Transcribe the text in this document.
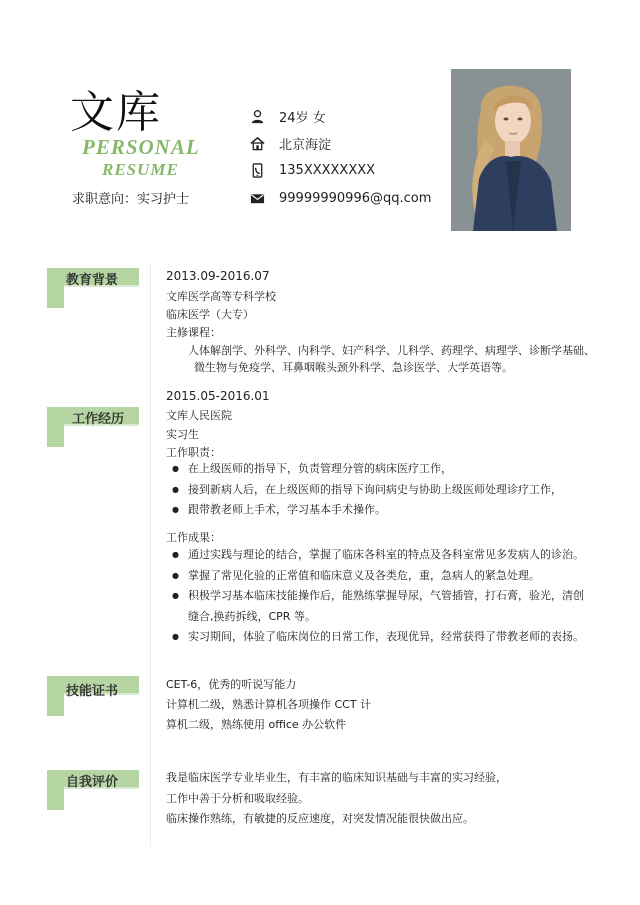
文库
PERSONAL
RESUME
求职意向：实习护士
24岁 女
北京海淀
135XXXXXXXX
99999990996@qq.com
教育背景	2013.09-2016.07
文库医学高等专科学校
临床医学（大专）
主修课程：
人体解剖学、外科学、内科学、妇产科学、儿科学、药理学、病理学、诊断学基础、
微生物与免疫学、耳鼻咽喉头颈外科学、急诊医学、大学英语等。
工作经历
2015.05-2016.01
文库人民医院
实习生
工作职责：
● 在上级医师的指导下，负责管理分管的病床医疗工作，
● 接到新病人后，在上级医师的指导下询问病史与协助上级医师处理诊疗工作，
● 跟带教老师上手术，学习基本手术操作。
工作成果：
● 通过实践与理论的结合，掌握了临床各科室的特点及各科室常见多发病人的诊治。
● 掌握了常见化验的正常值和临床意义及各类危，重，急病人的紧急处理。
● 积极学习基本临床技能操作后，能熟练掌握导尿，气管插管，打石膏，验光，清创
● 缝合,换药拆线，CPR 等。
● 实习期间，体验了临床岗位的日常工作，表现优异，经常获得了带教老师的表扬。
技能证书	CET-6，优秀的听说写能力
计算机二级，熟悉计算机各项操作 CCT 计
算机二级，熟练使用 office 办公软件
自我评价	我是临床医学专业毕业生，有丰富的临床知识基础与丰富的实习经验，
工作中善于分析和吸取经验。
临床操作熟练，有敏捷的反应速度，对突发情况能很快做出应。
